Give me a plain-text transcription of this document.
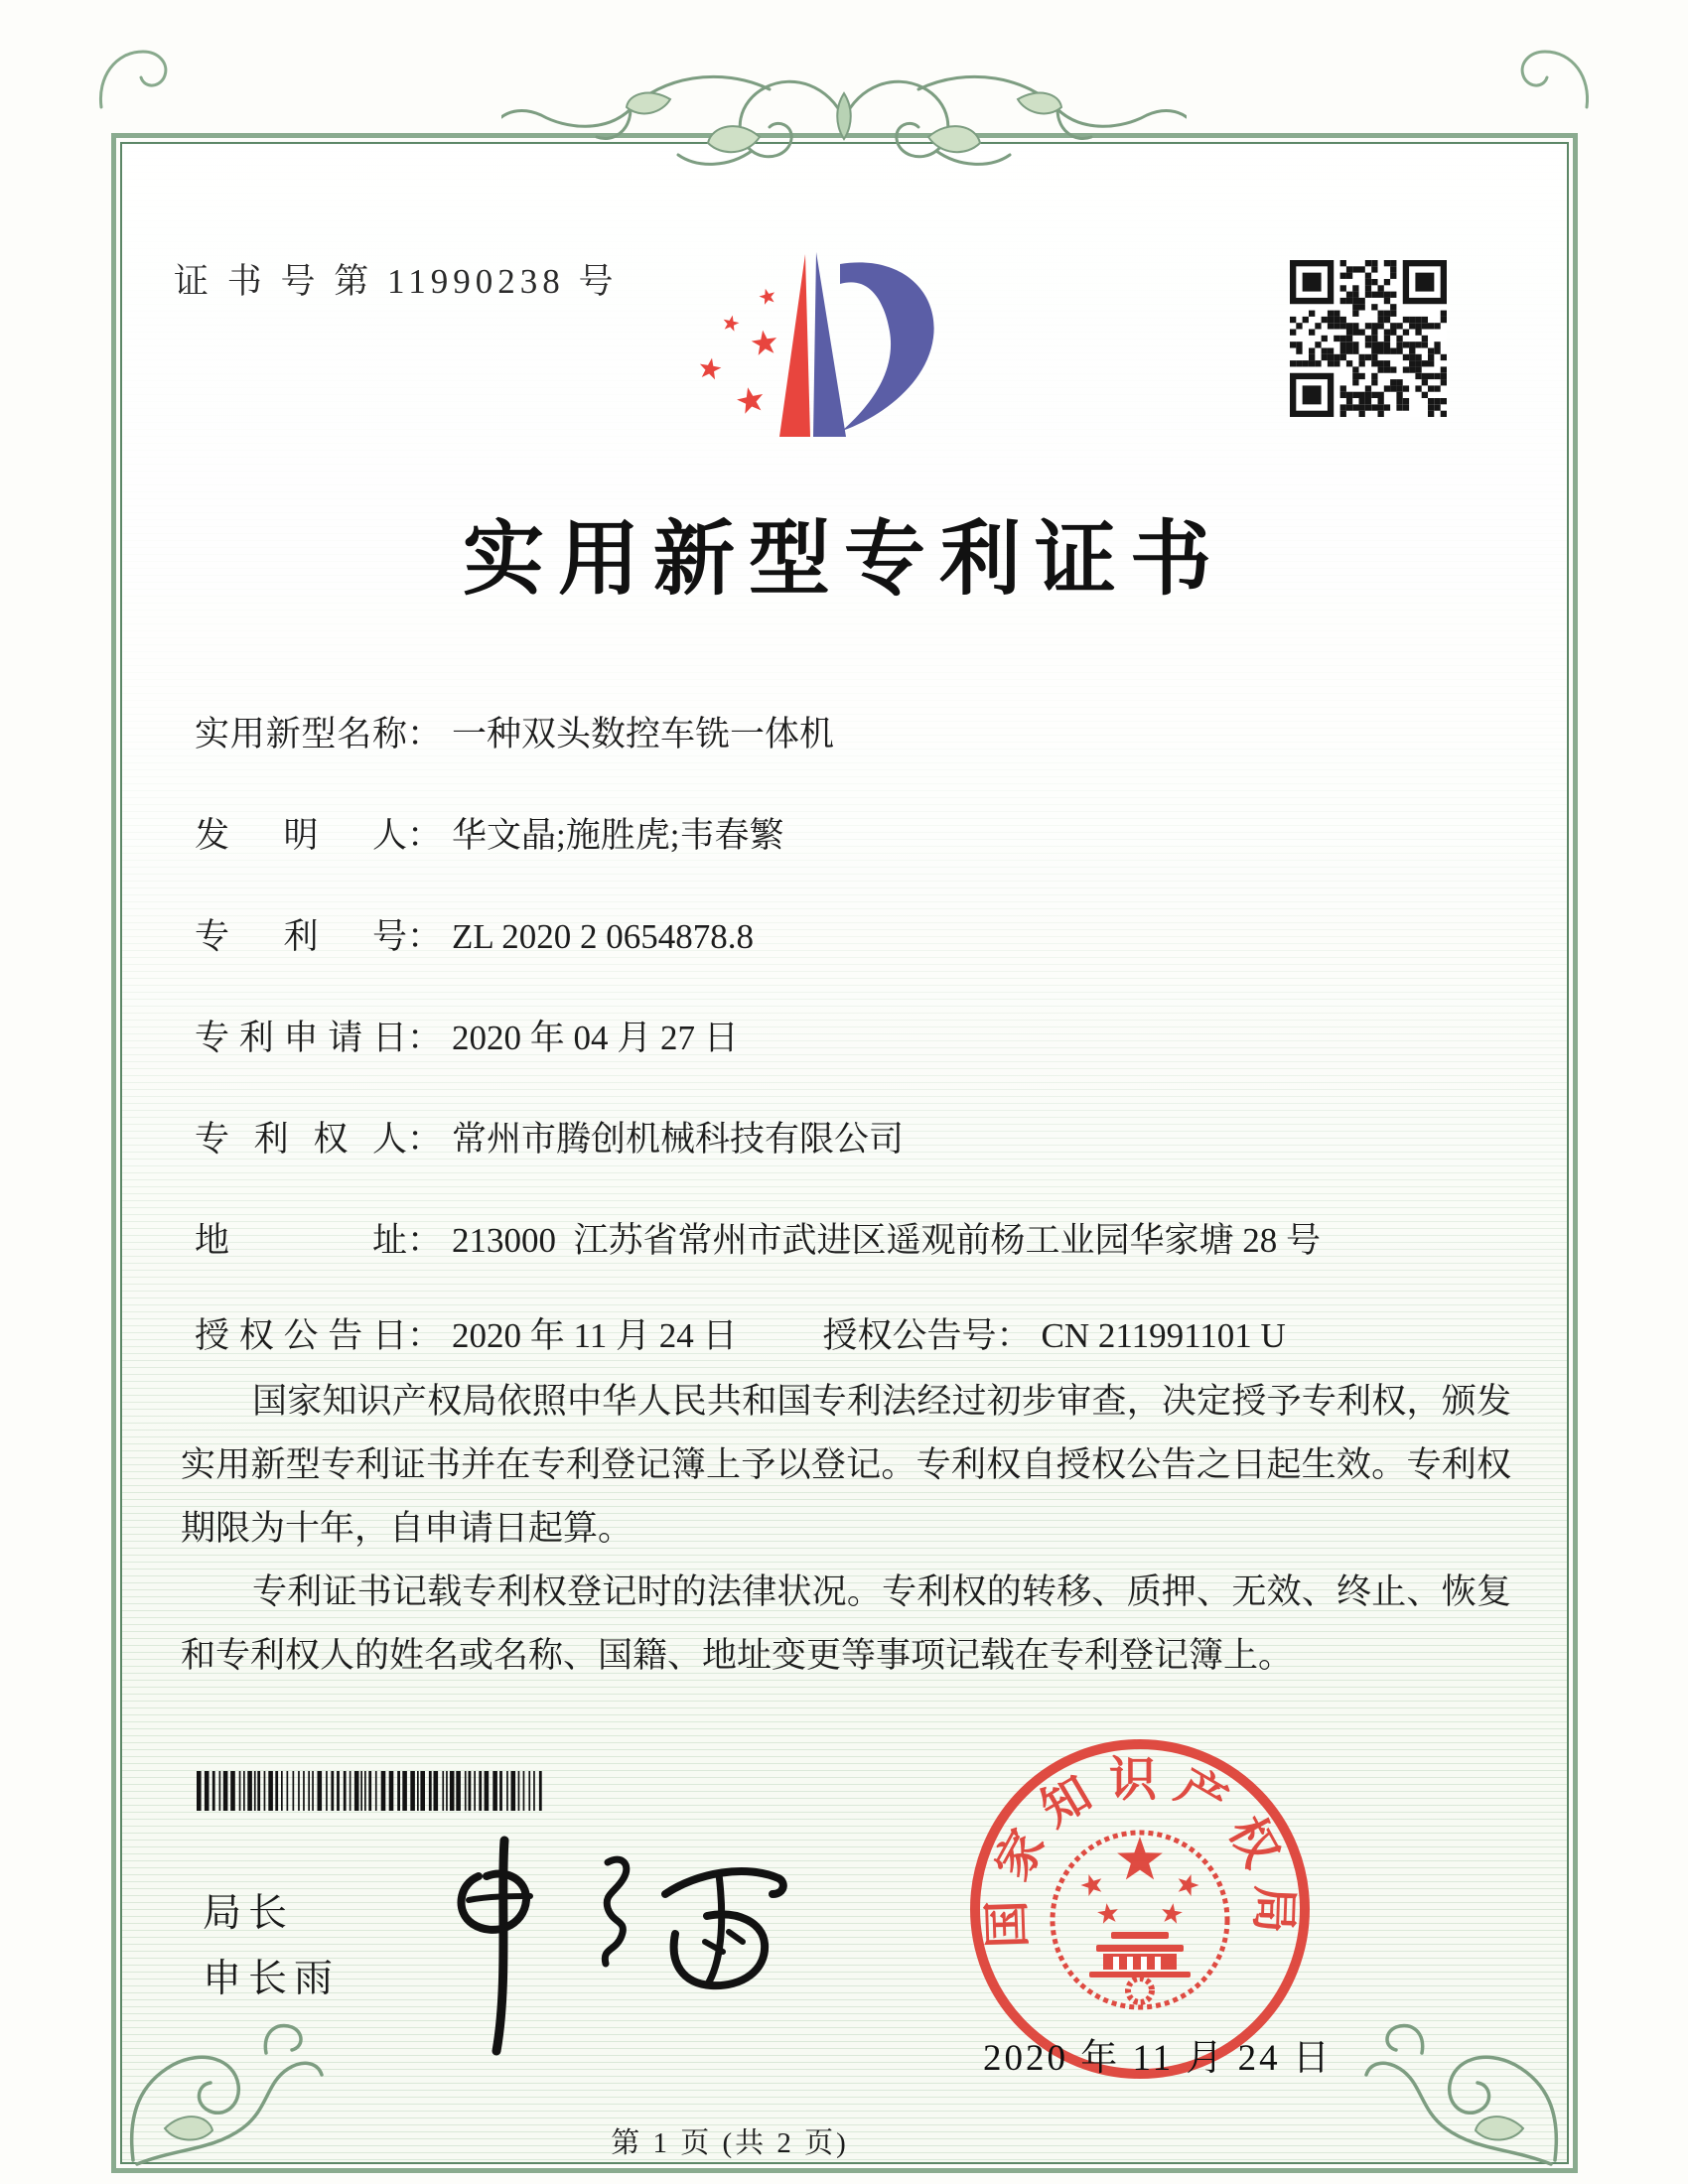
证 书 号 第 11990238 号
实用新型专利证书
实用新型名称 ： 一种双头数控车铣一体机
发明人 ： 华文晶;施胜虎;韦春繁
专利号 ： ZL 2020 2 0654878.8
专利申请日 ： 2020 年 04 月 27 日
专利权人 ： 常州市腾创机械科技有限公司
地址 ： 213000  江苏省常州市武进区遥观前杨工业园华家塘 28 号
授权公告日 ： 2020 年 11 月 24 日 授权公告号 ： CN 211991101 U

国家知识产权局依照中华人民共和国专利法经过初步审查，决定授予专利权，颁发实用新型专利证书并在专利登记簿上予以登记。专利权自授权公告之日起生效。专利权期限为十年，自申请日起算。

专利证书记载专利权登记时的法律状况。专利权的转移、质押、无效、终止、恢复和专利权人的姓名或名称、国籍、地址变更等事项记载在专利登记簿上。

局长
申长雨
国家知识产权局
2020 年 11 月 24 日
第 1 页 (共 2 页)
